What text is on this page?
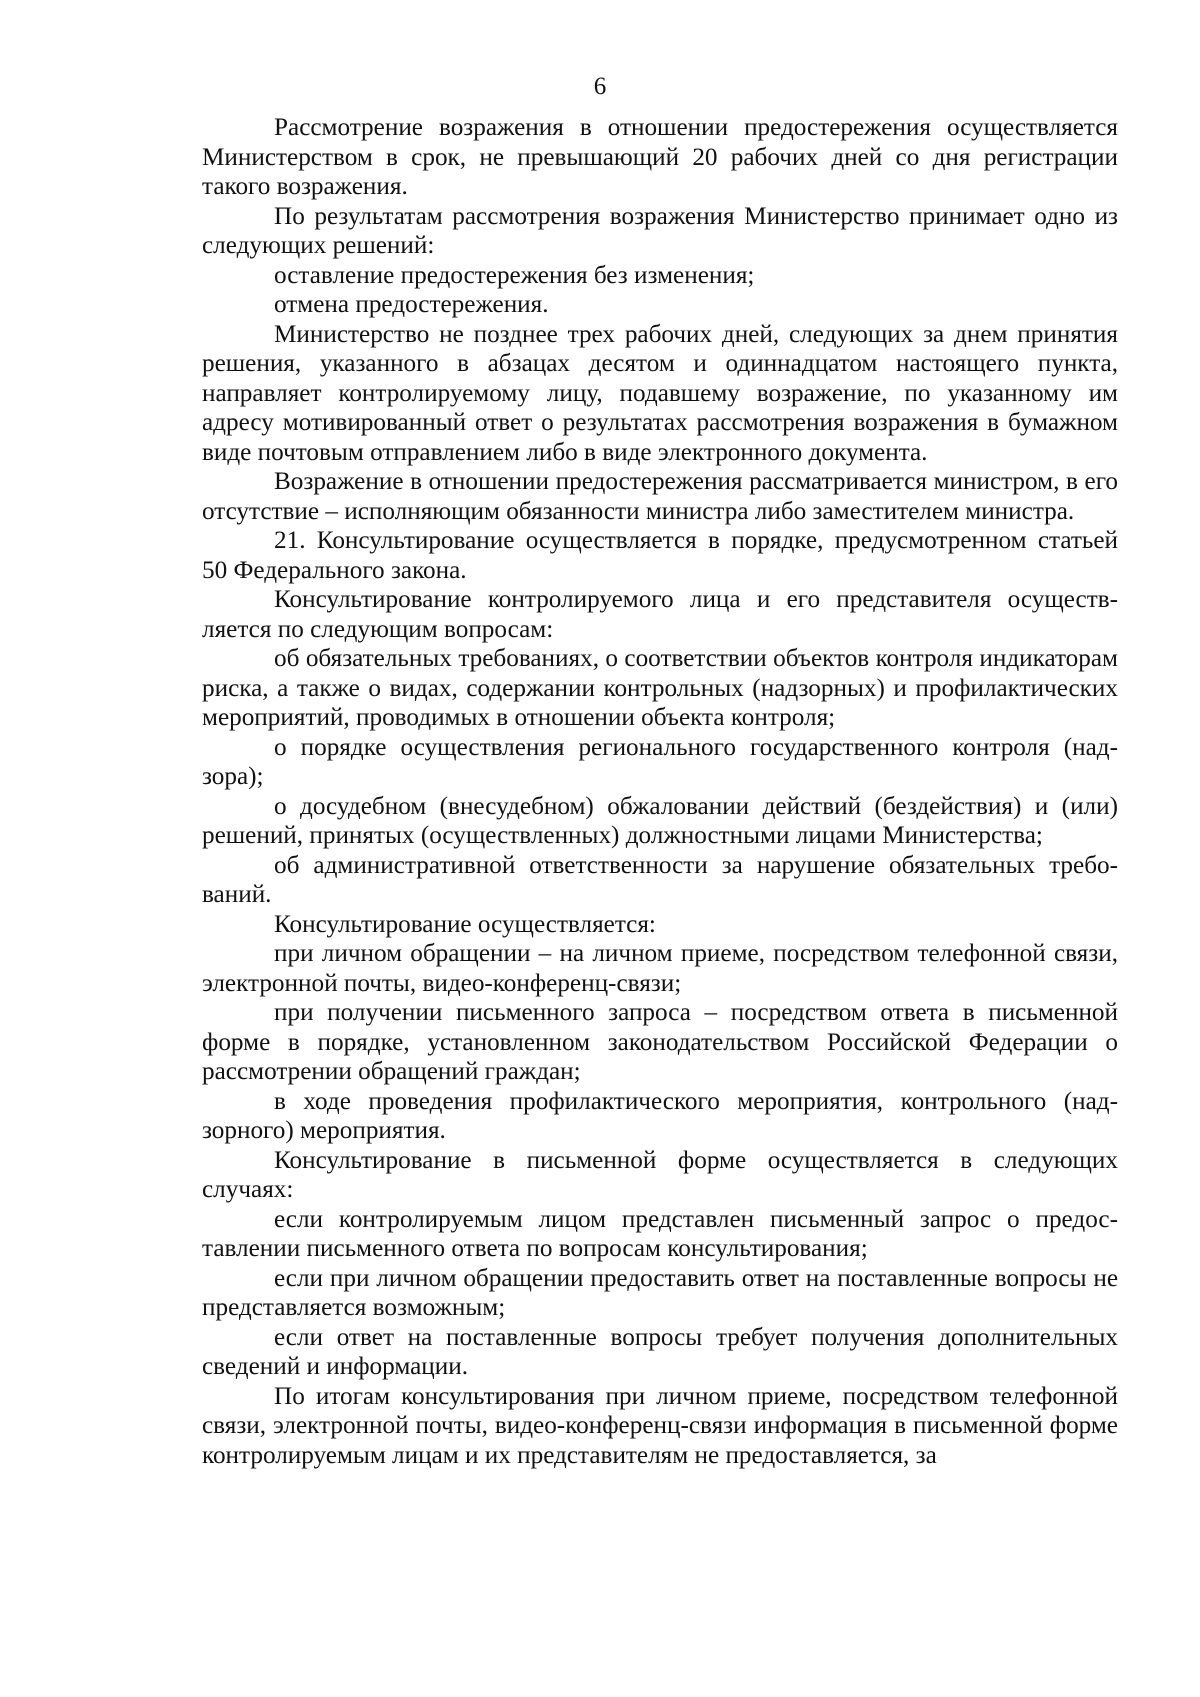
6

Рассмотрение возражения в отношении предостережения осуществляется Министерством в срок, не превышающий 20 рабочих дней со дня регистрации такого возражения.

По результатам рассмотрения возражения Министерство принимает одно из следующих решений:

оставление предостережения без изменения;

отмена предостережения.

Министерство не позднее трех рабочих дней, следующих за днем принятия решения, указанного в абзацах десятом и одиннадцатом настоящего пункта, направляет контролируемому лицу, подавшему возражение, по указанному им адресу мотивированный ответ о результатах рассмотрения возражения в бумажном виде почтовым отправлением либо в виде электронного документа.

Возражение в отношении предостережения рассматривается министром, в его отсутствие – исполняющим обязанности министра либо заместителем министра.

21. Консультирование осуществляется в порядке, предусмотренном статьей 50 Федерального закона.

Консультирование контролируемого лица и его представителя осуществляется по следующим вопросам:

об обязательных требованиях, о соответствии объектов контроля индикаторам риска, а также о видах, содержании контрольных (надзорных) и профилактических мероприятий, проводимых в отношении объекта контроля;

о порядке осуществления регионального государственного контроля (надзора);

о досудебном (внесудебном) обжаловании действий (бездействия) и (или) решений, принятых (осуществленных) должностными лицами Министерства;

об административной ответственности за нарушение обязательных требований.

Консультирование осуществляется:

при личном обращении – на личном приеме, посредством телефонной связи, электронной почты, видео-конференц-связи;

при получении письменного запроса – посредством ответа в письменной форме в порядке, установленном законодательством Российской Федерации о рассмотрении обращений граждан;

в ходе проведения профилактического мероприятия, контрольного (надзорного) мероприятия.

Консультирование в письменной форме осуществляется в следующих случаях:

если контролируемым лицом представлен письменный запрос о предоставлении письменного ответа по вопросам консультирования;

если при личном обращении предоставить ответ на поставленные вопросы не представляется возможным;

если ответ на поставленные вопросы требует получения дополнительных сведений и информации.

По итогам консультирования при личном приеме, посредством телефонной связи, электронной почты, видео-конференц-связи информация в письменной форме контролируемым лицам и их представителям не предоставляется, за
